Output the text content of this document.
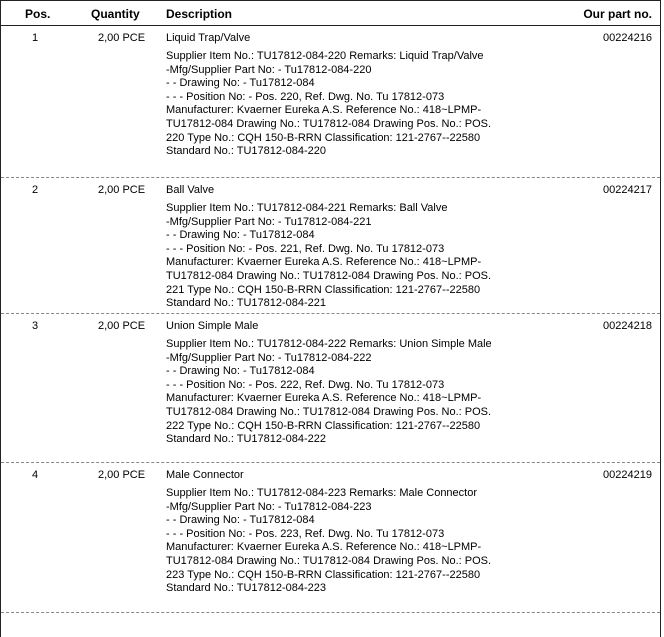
Pos.	Quantity Description	Our part no.
1	2,00 PCE Liquid Trap/Valve	00224216
Supplier Item No.: TU17812-084-220 Remarks: Liquid Trap/Valve
-Mfg/Supplier Part No: - Tu17812-084-220
- - Drawing No: - Tu17812-084
- - - Position No: - Pos. 220, Ref. Dwg. No. Tu 17812-073
Manufacturer: Kvaerner Eureka A.S. Reference No.: 418~LPMP-TU17812-084 Drawing No.: TU17812-084 Drawing Pos. No.: POS. 220 Type No.: CQH 150-B-RRN Classification: 121-2767--22580 Standard No.: TU17812-084-220
2	2,00 PCE Ball Valve	00224217
Supplier Item No.: TU17812-084-221 Remarks: Ball Valve
-Mfg/Supplier Part No: - Tu17812-084-221
- - Drawing No: - Tu17812-084
- - - Position No: - Pos. 221, Ref. Dwg. No. Tu 17812-073
Manufacturer: Kvaerner Eureka A.S. Reference No.: 418~LPMP-TU17812-084 Drawing No.: TU17812-084 Drawing Pos. No.: POS. 221 Type No.: CQH 150-B-RRN Classification: 121-2767--22580 Standard No.: TU17812-084-221
3	2,00 PCE Union Simple Male	00224218
Supplier Item No.: TU17812-084-222 Remarks: Union Simple Male
-Mfg/Supplier Part No: - Tu17812-084-222
- - Drawing No: - Tu17812-084
- - - Position No: - Pos. 222, Ref. Dwg. No. Tu 17812-073
Manufacturer: Kvaerner Eureka A.S. Reference No.: 418~LPMP-TU17812-084 Drawing No.: TU17812-084 Drawing Pos. No.: POS. 222 Type No.: CQH 150-B-RRN Classification: 121-2767--22580 Standard No.: TU17812-084-222
4	2,00 PCE Male Connector	00224219
Supplier Item No.: TU17812-084-223 Remarks: Male Connector
-Mfg/Supplier Part No: - Tu17812-084-223
- - Drawing No: - Tu17812-084
- - - Position No: - Pos. 223, Ref. Dwg. No. Tu 17812-073
Manufacturer: Kvaerner Eureka A.S. Reference No.: 418~LPMP-TU17812-084 Drawing No.: TU17812-084 Drawing Pos. No.: POS. 223 Type No.: CQH 150-B-RRN Classification: 121-2767--22580 Standard No.: TU17812-084-223
